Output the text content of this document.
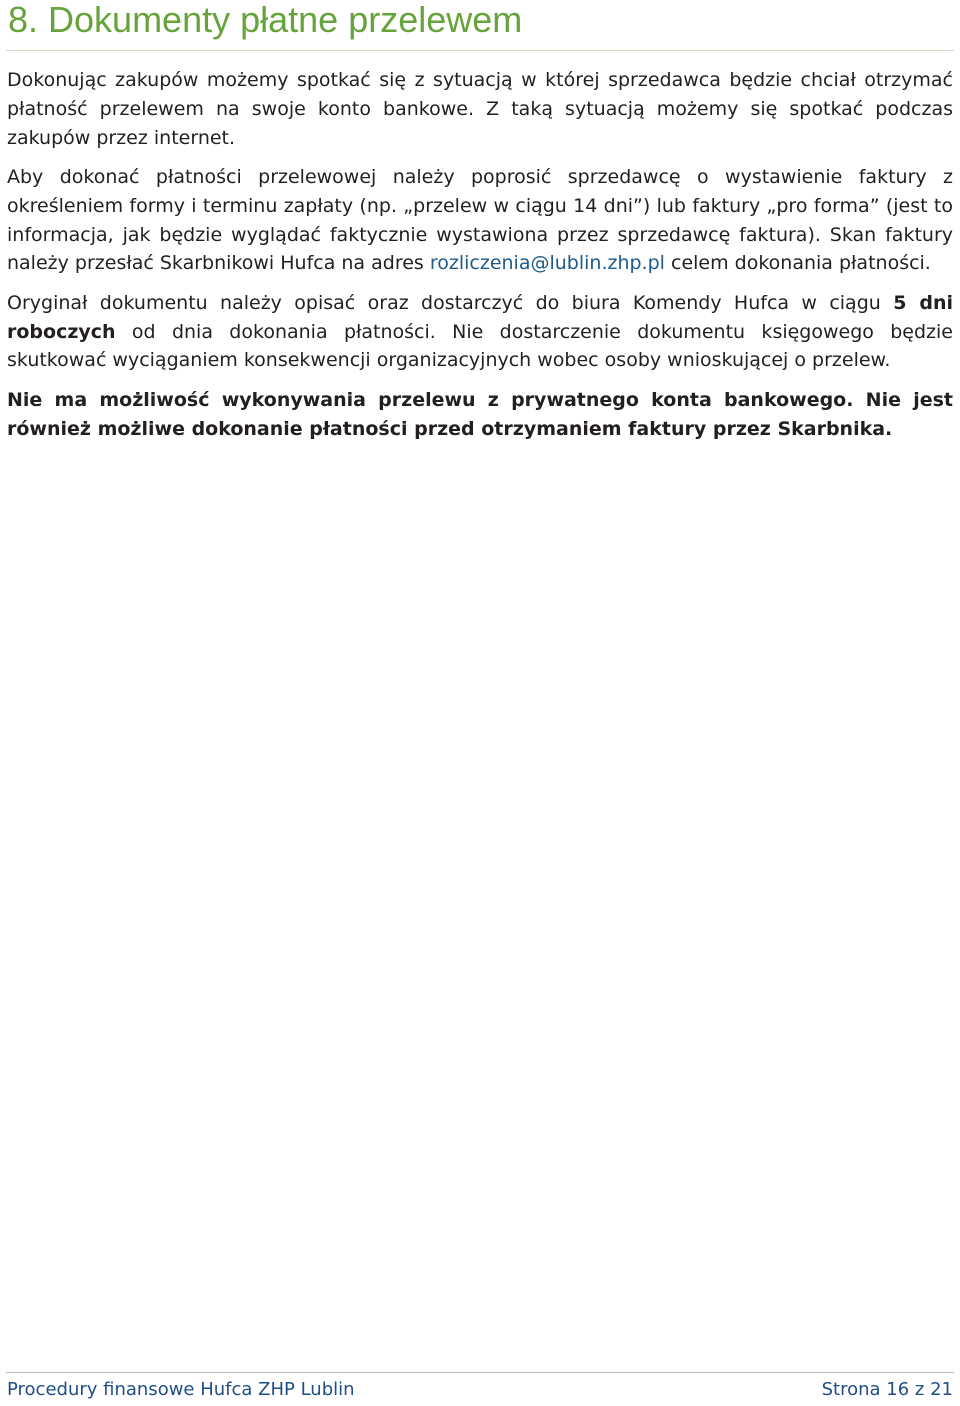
8. Dokumenty płatne przelewem

Dokonując zakupów możemy spotkać się z sytuacją w której sprzedawca będzie chciał otrzymać płatność przelewem na swoje konto bankowe. Z taką sytuacją możemy się spotkać podczas zakupów przez internet.

Aby dokonać płatności przelewowej należy poprosić sprzedawcę o wystawienie faktury z określeniem formy i terminu zapłaty (np. „przelew w ciągu 14 dni”) lub faktury „pro forma” (jest to informacja, jak będzie wyglądać faktycznie wystawiona przez sprzedawcę faktura). Skan faktury należy przesłać Skarbnikowi Hufca na adres rozliczenia@lublin.zhp.pl celem dokonania płatności.

Oryginał dokumentu należy opisać oraz dostarczyć do biura Komendy Hufca w ciągu 5 dni roboczych od dnia dokonania płatności. Nie dostarczenie dokumentu księgowego będzie skutkować wyciąganiem konsekwencji organizacyjnych wobec osoby wnioskującej o przelew.

Nie ma możliwość wykonywania przelewu z prywatnego konta bankowego. Nie jest również możliwe dokonanie płatności przed otrzymaniem faktury przez Skarbnika.

Procedury finansowe Hufca ZHP Lublin	Strona 16 z 21
